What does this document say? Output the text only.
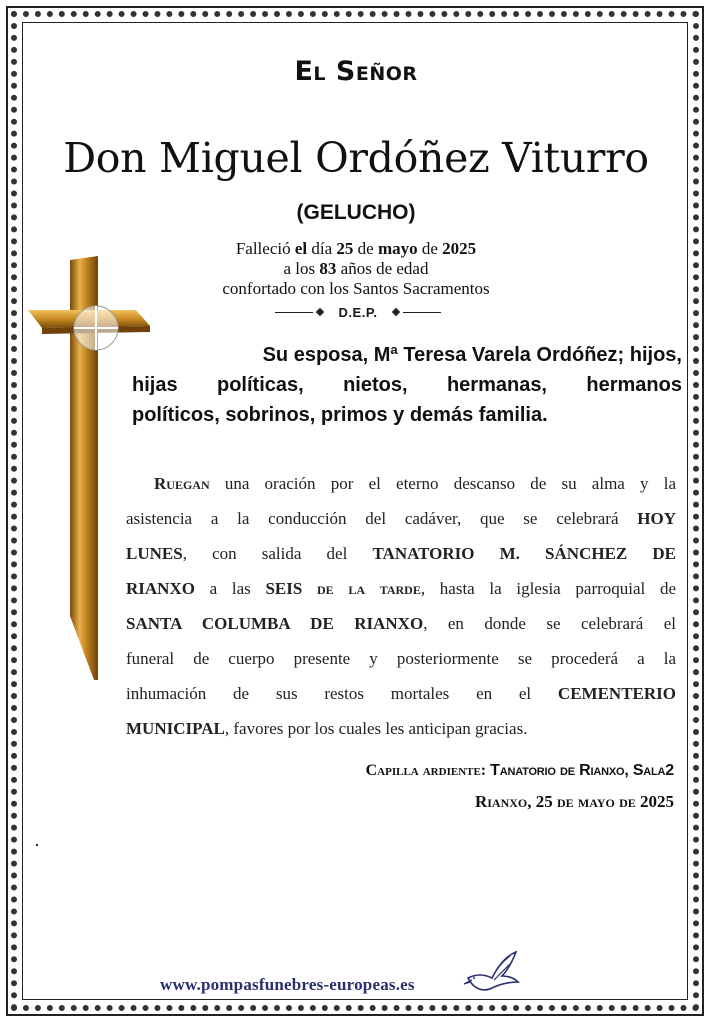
El Señor
Don Miguel Ordóñez Viturro
(GELUCHO)
Falleció el día 25 de mayo de 2025
a los 83 años de edad
confortado con los Santos Sacramentos
D.E.P.
Su esposa, Mª Teresa Varela Ordóñez; hijos,
hijas políticas, nietos, hermanas, hermanos
políticos, sobrinos, primos y demás familia.
Ruegan una oración por el eterno descanso de su alma y la
asistencia a la conducción del cadáver, que se celebrará HOY
LUNES, con salida del TANATORIO M. SÁNCHEZ DE
RIANXO a las SEIS de la tarde, hasta la iglesia parroquial de
SANTA COLUMBA DE RIANXO, en donde se celebrará el
funeral de cuerpo presente y posteriormente se procederá a la
inhumación de sus restos mortales en el CEMENTERIO
MUNICIPAL, favores por los cuales les anticipan gracias.
Capilla ardiente: Tanatorio de Rianxo, Sala2
Rianxo, 25 de mayo de 2025
www.pompasfunebres-europeas.es
